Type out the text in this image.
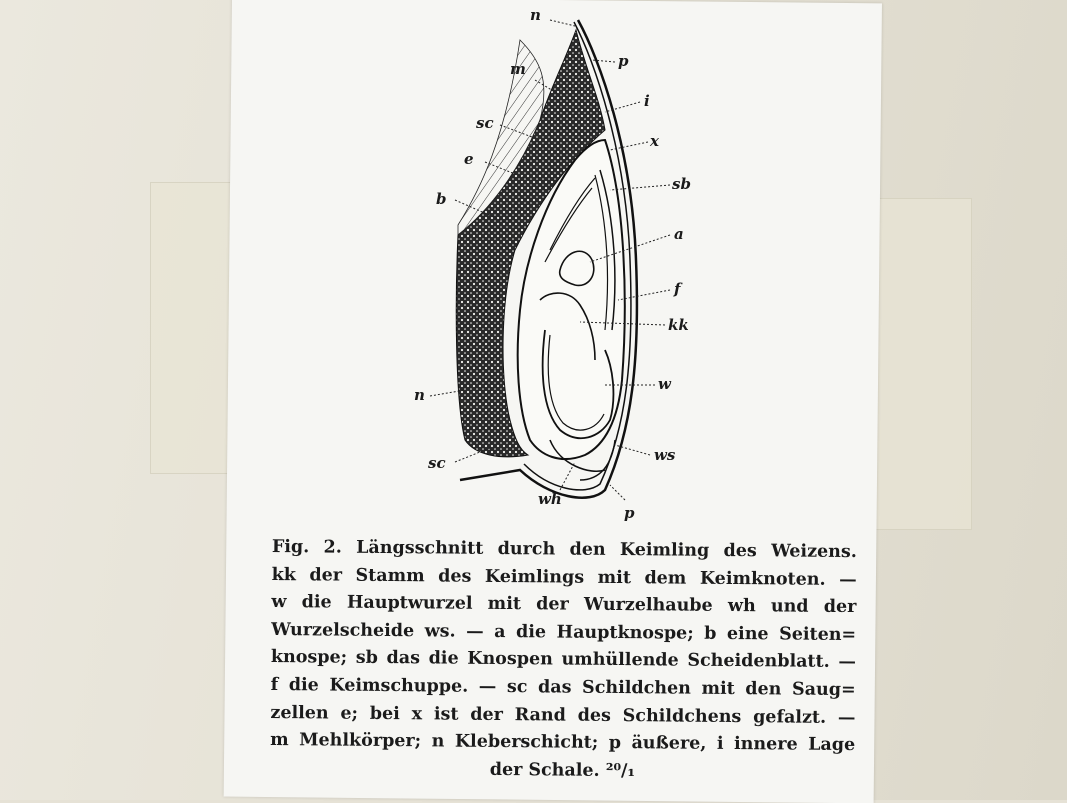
n
p
m
i
sc
x
e
sb
b
a
f
kk
n
w
sc	ws
wh
p
Fig. 2. Längsschnitt durch den Keimling des Weizens.
kk der Stamm des Keimlings mit dem Keimknoten. —
w die Hauptwurzel mit der Wurzelhaube wh und der
Wurzelscheide ws. — a die Hauptknospe; b eine Seiten=
knospe; sb das die Knospen umhüllende Scheidenblatt. —
f die Keimschuppe. — sc das Schildchen mit den Saug=
zellen e; bei x ist der Rand des Schildchens gefalzt. —
m Mehlkörper; n Kleberschicht; p äußere, i innere Lage
der Schale. ²⁰/₁
